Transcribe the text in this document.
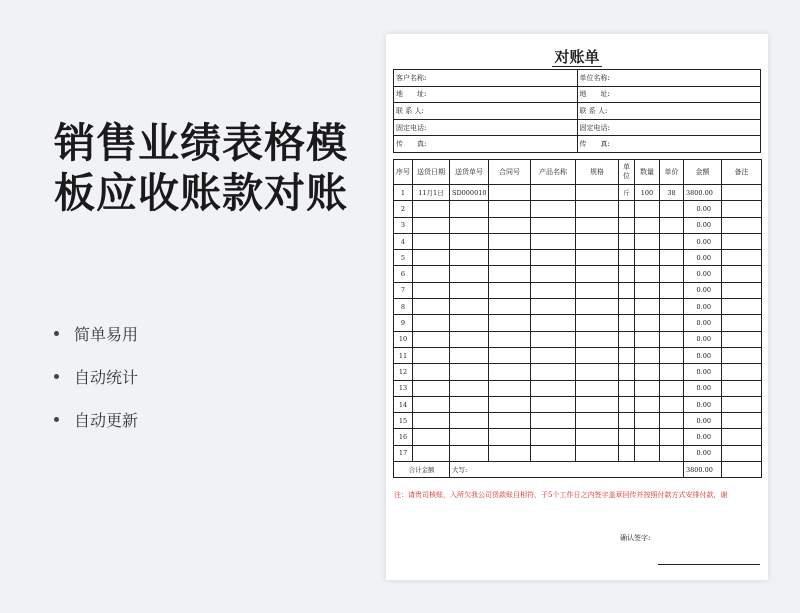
销售业绩表格模
板应收账款对账
简单易用
自动统计
自动更新
对账单
客户名称:	单位名称:
地　　址:	地　　址:
联 系 人:	联 系 人:
固定电话:	固定电话:
传　　真:	传　　真:
序号	送货日期	送货单号	合同号	产品名称	规格	单位	数量	单价	金额	备注
1	11月1日	SD000010				斤	100	38	3800.00	
2									0.00	
3									0.00	
4									0.00	
5									0.00	
6									0.00	
7									0.00	
8									0.00	
9									0.00	
10									0.00	
11									0.00	
12									0.00	
13									0.00	
14									0.00	
15									0.00	
16									0.00	
17									0.00	
合计金额		大写:							3800.00	
注：请贵司核账，入所欠我公司货款账目相符，于5个工作日之内签字盖章回传并按照付款方式安排付款，谢
确认签字:
